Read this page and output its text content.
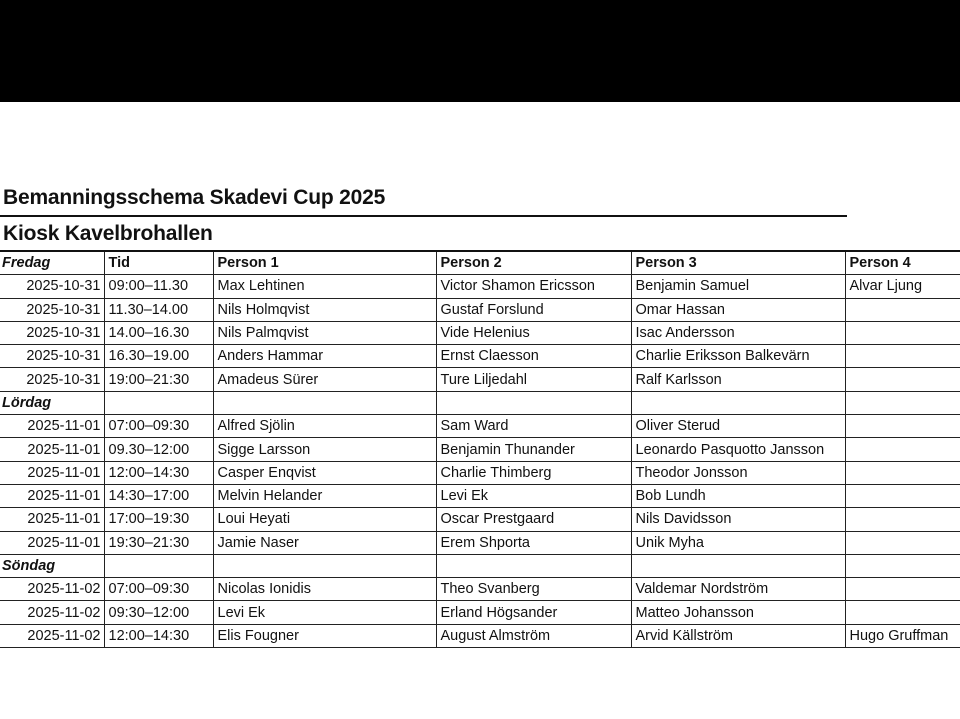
Bemanningsschema Skadevi Cup 2025
Kiosk Kavelbrohallen
Fredag	Tid	Person 1	Person 2	Person 3	Person 4
2025-10-31	09:00–11.30	Max Lehtinen	Victor Shamon Ericsson	Benjamin Samuel	Alvar Ljung
2025-10-31	11.30–14.00	Nils Holmqvist	Gustaf Forslund	Omar Hassan	
2025-10-31	14.00–16.30	Nils Palmqvist	Vide Helenius	Isac Andersson	
2025-10-31	16.30–19.00	Anders Hammar	Ernst Claesson	Charlie Eriksson Balkevärn	
2025-10-31	19:00–21:30	Amadeus Sürer	Ture Liljedahl	Ralf Karlsson	
Lördag					
2025-11-01	07:00–09:30	Alfred Sjölin	Sam Ward	Oliver Sterud	
2025-11-01	09.30–12:00	Sigge Larsson	Benjamin Thunander	Leonardo Pasquotto Jansson	
2025-11-01	12:00–14:30	Casper Enqvist	Charlie Thimberg	Theodor Jonsson	
2025-11-01	14:30–17:00	Melvin Helander	Levi Ek	Bob Lundh	
2025-11-01	17:00–19:30	Loui Heyati	Oscar Prestgaard	Nils Davidsson	
2025-11-01	19:30–21:30	Jamie Naser	Erem Shporta	Unik Myha	
Söndag					
2025-11-02	07:00–09:30	Nicolas Ionidis	Theo Svanberg	Valdemar Nordström	
2025-11-02	09:30–12:00	Levi Ek	Erland Högsander	Matteo Johansson	
2025-11-02	12:00–14:30	Elis Fougner	August Almström	Arvid Källström	Hugo Gruffman
